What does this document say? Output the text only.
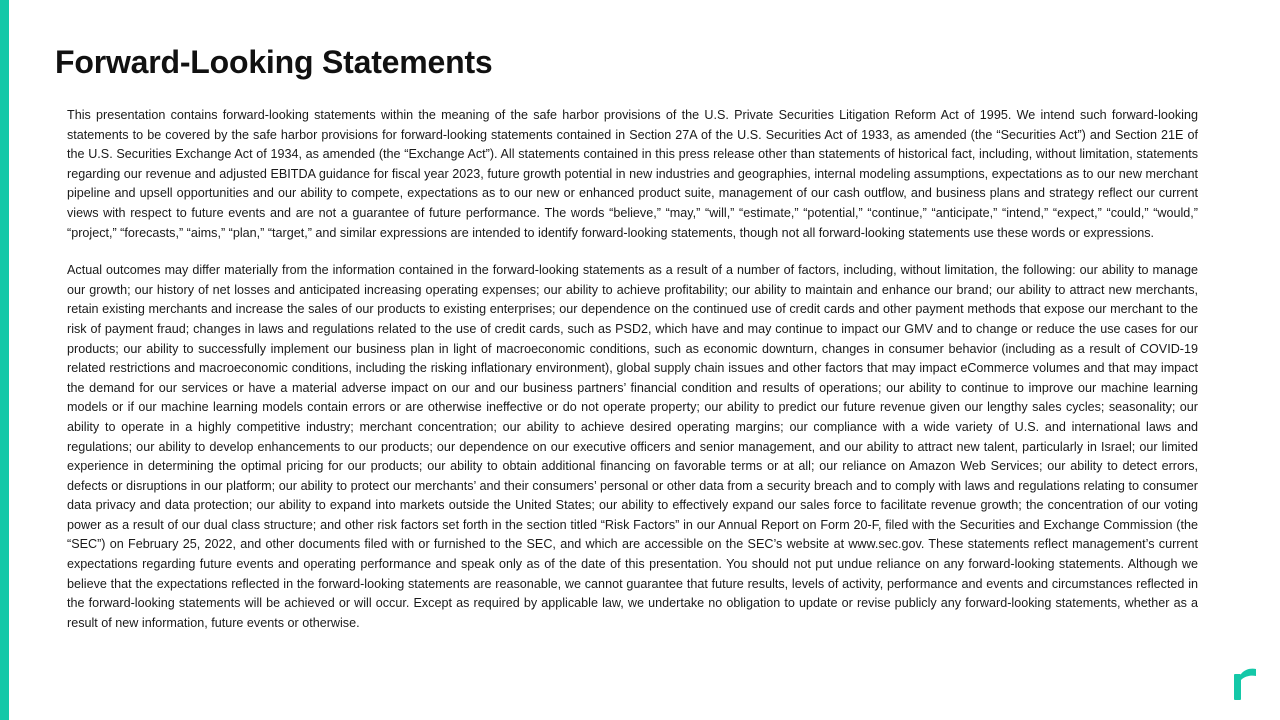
Forward-Looking Statements

This presentation contains forward-looking statements within the meaning of the safe harbor provisions of the U.S. Private Securities Litigation Reform Act of 1995. We intend such forward-looking statements to be covered by the safe harbor provisions for forward-looking statements contained in Section 27A of the U.S. Securities Act of 1933, as amended (the “Securities Act”) and Section 21E of the U.S. Securities Exchange Act of 1934, as amended (the “Exchange Act”). All statements contained in this press release other than statements of historical fact, including, without limitation, statements regarding our revenue and adjusted EBITDA guidance for fiscal year 2023, future growth potential in new industries and geographies, internal modeling assumptions, expectations as to our new merchant pipeline and upsell opportunities and our ability to compete, expectations as to our new or enhanced product suite, management of our cash outflow, and business plans and strategy reflect our current views with respect to future events and are not a guarantee of future performance. The words “believe,” “may,” “will,” “estimate,” “potential,” “continue,” “anticipate,” “intend,” “expect,” “could,” “would,” “project,” “forecasts,” “aims,” “plan,” “target,” and similar expressions are intended to identify forward-looking statements, though not all forward-looking statements use these words or expressions.

Actual outcomes may differ materially from the information contained in the forward-looking statements as a result of a number of factors, including, without limitation, the following: our ability to manage our growth; our history of net losses and anticipated increasing operating expenses; our ability to achieve profitability; our ability to maintain and enhance our brand; our ability to attract new merchants, retain existing merchants and increase the sales of our products to existing enterprises; our dependence on the continued use of credit cards and other payment methods that expose our merchant to the risk of payment fraud; changes in laws and regulations related to the use of credit cards, such as PSD2, which have and may continue to impact our GMV and to change or reduce the use cases for our products; our ability to successfully implement our business plan in light of macroeconomic conditions, such as economic downturn, changes in consumer behavior (including as a result of COVID-19 related restrictions and macroeconomic conditions, including the risking inflationary environment), global supply chain issues and other factors that may impact eCommerce volumes and that may impact the demand for our services or have a material adverse impact on our and our business partners’ financial condition and results of operations; our ability to continue to improve our machine learning models or if our machine learning models contain errors or are otherwise ineffective or do not operate property; our ability to predict our future revenue given our lengthy sales cycles; seasonality; our ability to operate in a highly competitive industry; merchant concentration; our ability to achieve desired operating margins; our compliance with a wide variety of U.S. and international laws and regulations; our ability to develop enhancements to our products; our dependence on our executive officers and senior management, and our ability to attract new talent, particularly in Israel; our limited experience in determining the optimal pricing for our products; our ability to obtain additional financing on favorable terms or at all; our reliance on Amazon Web Services; our ability to detect errors, defects or disruptions in our platform; our ability to protect our merchants’ and their consumers’ personal or other data from a security breach and to comply with laws and regulations relating to consumer data privacy and data protection; our ability to expand into markets outside the United States; our ability to effectively expand our sales force to facilitate revenue growth; the concentration of our voting power as a result of our dual class structure; and other risk factors set forth in the section titled “Risk Factors” in our Annual Report on Form 20-F, filed with the Securities and Exchange Commission (the “SEC”) on February 25, 2022, and other documents filed with or furnished to the SEC, and which are accessible on the SEC’s website at www.sec.gov. These statements reflect management’s current expectations regarding future events and operating performance and speak only as of the date of this presentation. You should not put undue reliance on any forward-looking statements. Although we believe that the expectations reflected in the forward-looking statements are reasonable, we cannot guarantee that future results, levels of activity, performance and events and circumstances reflected in the forward-looking statements will be achieved or will occur. Except as required by applicable law, we undertake no obligation to update or revise publicly any forward-looking statements, whether as a result of new information, future events or otherwise.
